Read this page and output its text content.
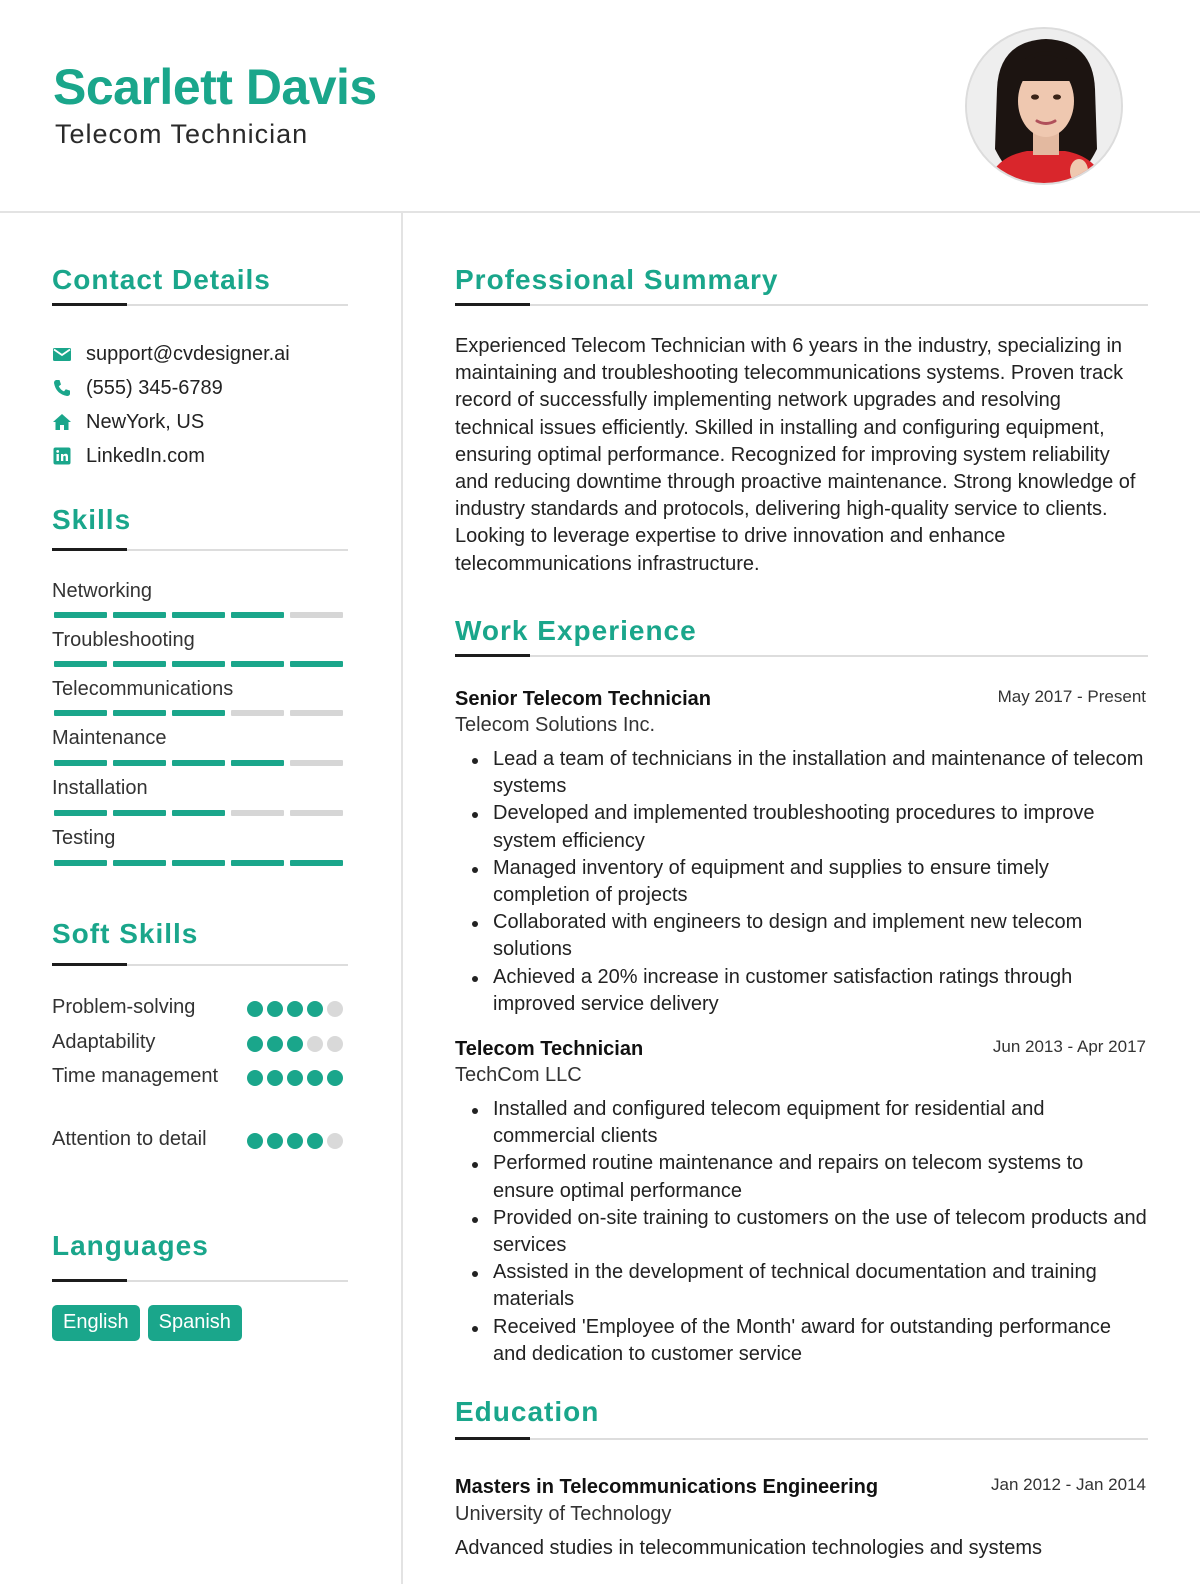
Scarlett Davis
Telecom Technician
Contact Details
support@cvdesigner.ai
(555) 345-6789
NewYork, US
LinkedIn.com
Skills
Networking
Troubleshooting
Telecommunications
Maintenance
Installation
Testing
Soft Skills
Problem-solving
Adaptability
Time management
Attention to detail
Languages
English	Spanish
Professional Summary
Experienced Telecom Technician with 6 years in the industry, specializing in maintaining and troubleshooting telecommunications systems. Proven track record of successfully implementing network upgrades and resolving technical issues efficiently. Skilled in installing and configuring equipment, ensuring optimal performance. Recognized for improving system reliability and reducing downtime through proactive maintenance. Strong knowledge of industry standards and protocols, delivering high-quality service to clients. Looking to leverage expertise to drive innovation and enhance telecommunications infrastructure.
Work Experience
Senior Telecom Technician	May 2017 - Present
Telecom Solutions Inc.
Lead a team of technicians in the installation and maintenance of telecom systems
Developed and implemented troubleshooting procedures to improve system efficiency
Managed inventory of equipment and supplies to ensure timely completion of projects
Collaborated with engineers to design and implement new telecom solutions
Achieved a 20% increase in customer satisfaction ratings through improved service delivery
Telecom Technician	Jun 2013 - Apr 2017
TechCom LLC
Installed and configured telecom equipment for residential and commercial clients
Performed routine maintenance and repairs on telecom systems to ensure optimal performance
Provided on-site training to customers on the use of telecom products and services
Assisted in the development of technical documentation and training materials
Received 'Employee of the Month' award for outstanding performance and dedication to customer service
Education
Masters in Telecommunications Engineering	Jan 2012 - Jan 2014
University of Technology
Advanced studies in telecommunication technologies and systems
